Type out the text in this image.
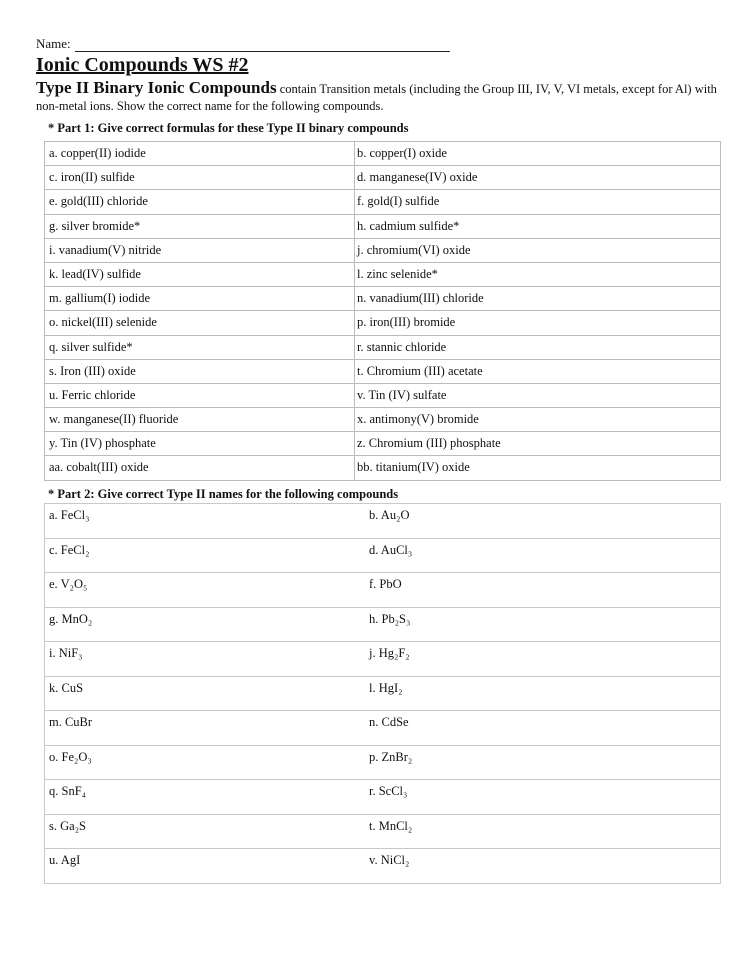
Name:
Ionic Compounds WS #2
Type II Binary Ionic Compounds contain Transition metals (including the Group III, IV, V, VI metals, except for Al) with non-metal ions. Show the correct name for the following compounds.
* Part 1: Give correct formulas for these Type II binary compounds
a. copper(II) iodide	b. copper(I) oxide
c. iron(II) sulfide	d. manganese(IV) oxide
e. gold(III) chloride	f. gold(I) sulfide
g. silver bromide*	h. cadmium sulfide*
i. vanadium(V) nitride	j. chromium(VI) oxide
k. lead(IV) sulfide	l. zinc selenide*
m. gallium(I) iodide	n. vanadium(III) chloride
o. nickel(III) selenide	p. iron(III) bromide
q. silver sulfide*	r. stannic chloride
s. Iron (III) oxide	t. Chromium (III) acetate
u. Ferric chloride	v. Tin (IV) sulfate
w. manganese(II) fluoride	x. antimony(V) bromide
y. Tin (IV) phosphate	z. Chromium (III) phosphate
aa. cobalt(III) oxide	bb. titanium(IV) oxide
* Part 2: Give correct Type II names for the following compounds
a. FeCl₃	b. Au₂O
c. FeCl₂	d. AuCl₃
e. V₂O₅	f. PbO
g. MnO₂	h. Pb₂S₃
i. NiF₃	j. Hg₂F₂
k. CuS	l. HgI₂
m. CuBr	n. CdSe
o. Fe₂O₃	p. ZnBr₂
q. SnF₄	r. ScCl₃
s. Ga₂S	t. MnCl₂
u. AgI	v. NiCl₂
